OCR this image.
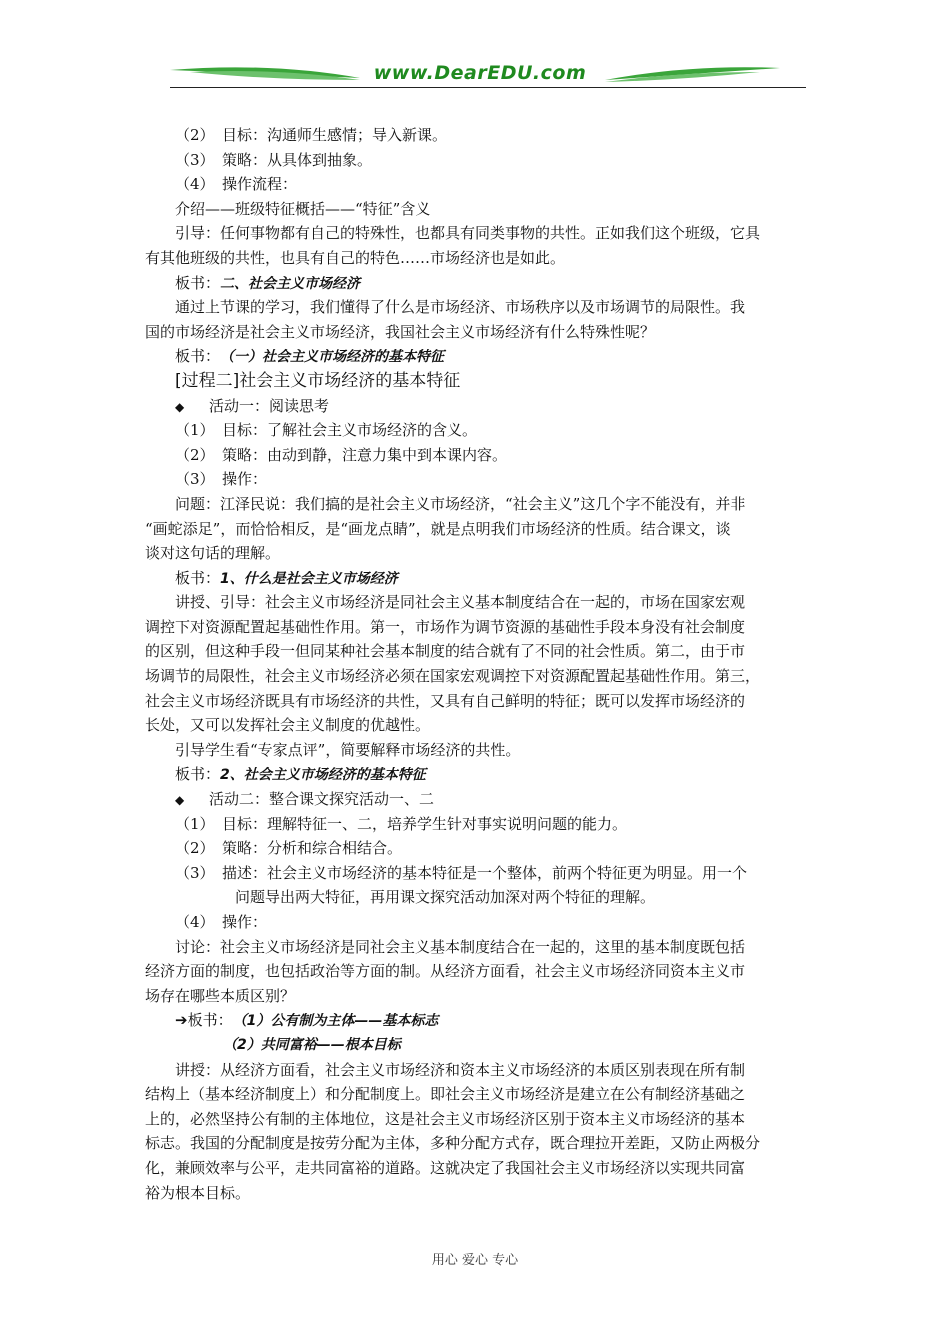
www.DearEDU.com
（2）　目标：沟通师生感情；导入新课。
（3）　策略：从具体到抽象。
（4）　操作流程：
介绍——班级特征概括——“特征”含义
引导：任何事物都有自己的特殊性，也都具有同类事物的共性。正如我们这个班级，它具
有其他班级的共性，也具有自己的特色……市场经济也是如此。
板书：二、社会主义市场经济
通过上节课的学习，我们懂得了什么是市场经济、市场秩序以及市场调节的局限性。我
国的市场经济是社会主义市场经济，我国社会主义市场经济有什么特殊性呢？
板书：（一）社会主义市场经济的基本特征
[过程二]社会主义市场经济的基本特征
◆ 活动一：阅读思考
（1）　目标：了解社会主义市场经济的含义。
（2）　策略：由动到静，注意力集中到本课内容。
（3）　操作：
问题：江泽民说：我们搞的是社会主义市场经济，“社会主义”这几个字不能没有，并非
“画蛇添足”，而恰恰相反，是“画龙点睛”，就是点明我们市场经济的性质。结合课文，谈
谈对这句话的理解。
板书：1、什么是社会主义市场经济
讲授、引导：社会主义市场经济是同社会主义基本制度结合在一起的，市场在国家宏观
调控下对资源配置起基础性作用。第一，市场作为调节资源的基础性手段本身没有社会制度
的区别，但这种手段一但同某种社会基本制度的结合就有了不同的社会性质。第二，由于市
场调节的局限性，社会主义市场经济必须在国家宏观调控下对资源配置起基础性作用。第三，
社会主义市场经济既具有市场经济的共性，又具有自己鲜明的特征；既可以发挥市场经济的
长处，又可以发挥社会主义制度的优越性。
引导学生看“专家点评”，简要解释市场经济的共性。
板书：2、社会主义市场经济的基本特征
◆ 活动二：整合课文探究活动一、二
（1）　目标：理解特征一、二，培养学生针对事实说明问题的能力。
（2）　策略：分析和综合相结合。
（3）　描述：社会主义市场经济的基本特征是一个整体，前两个特征更为明显。用一个
问题导出两大特征，再用课文探究活动加深对两个特征的理解。
（4）　操作：
讨论：社会主义市场经济是同社会主义基本制度结合在一起的，这里的基本制度既包括
经济方面的制度，也包括政治等方面的制。从经济方面看，社会主义市场经济同资本主义市
场存在哪些本质区别？
➔板书：（1）公有制为主体——基本标志
（2）共同富裕——根本目标
讲授：从经济方面看，社会主义市场经济和资本主义市场经济的本质区别表现在所有制
结构上（基本经济制度上）和分配制度上。即社会主义市场经济是建立在公有制经济基础之
上的，必然坚持公有制的主体地位，这是社会主义市场经济区别于资本主义市场经济的基本
标志。我国的分配制度是按劳分配为主体，多种分配方式存，既合理拉开差距，又防止两极分
化，兼顾效率与公平，走共同富裕的道路。这就决定了我国社会主义市场经济以实现共同富
裕为根本目标。
用心 爱心 专心
